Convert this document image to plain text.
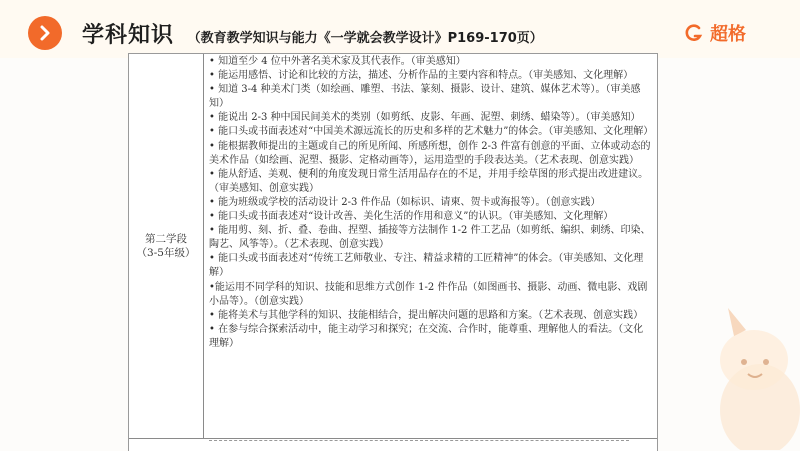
学科知识 （教育教学知识与能力《一学就会教学设计》P169-170页）	超格
第二学段
（3-5年级）

• 知道至少 4 位中外著名美术家及其代表作。（审美感知）

• 能运用感悟、讨论和比较的方法，描述、分析作品的主要内容和特点。（审美感知、文化理解）

• 知道 3-4 种美术门类（如绘画、雕塑、书法、篆刻、摄影、设计、建筑、媒体艺术等）。（审美感知）

• 能说出 2-3 种中国民间美术的类别（如剪纸、皮影、年画、泥塑、刺绣、蜡染等）。（审美感知）

• 能口头或书面表述对“中国美术源远流长的历史和多样的艺术魅力”的体会。（审美感知、文化理解）

• 能根据教师提出的主题或自己的所见所闻、所感所想，创作 2-3 件富有创意的平面、立体或动态的美术作品（如绘画、泥塑、摄影、定格动画等），运用造型的手段表达美。（艺术表现、创意实践）

• 能从舒适、美观、便利的角度发现日常生活用品存在的不足，并用手绘草图的形式提出改进建议。（审美感知、创意实践）

• 能为班级或学校的活动设计 2-3 件作品（如标识、请柬、贺卡或海报等）。（创意实践）

• 能口头或书面表述对“设计改善、美化生活的作用和意义”的认识。（审美感知、文化理解）

• 能用剪、刻、折、叠、卷曲、捏塑、插接等方法制作 1-2 件工艺品（如剪纸、编织、刺绣、印染、陶艺、风筝等）。（艺术表现、创意实践）

• 能口头或书面表述对“传统工艺师敬业、专注、精益求精的工匠精神”的体会。（审美感知、文化理解）

•能运用不同学科的知识、技能和思维方式创作 1-2 件作品（如图画书、摄影、动画、微电影、戏剧小品等）。（创意实践）

• 能将美术与其他学科的知识、技能相结合，提出解决问题的思路和方案。（艺术表现、创意实践）

• 在参与综合探索活动中，能主动学习和探究；在交流、合作时，能尊重、理解他人的看法。（文化理解）
